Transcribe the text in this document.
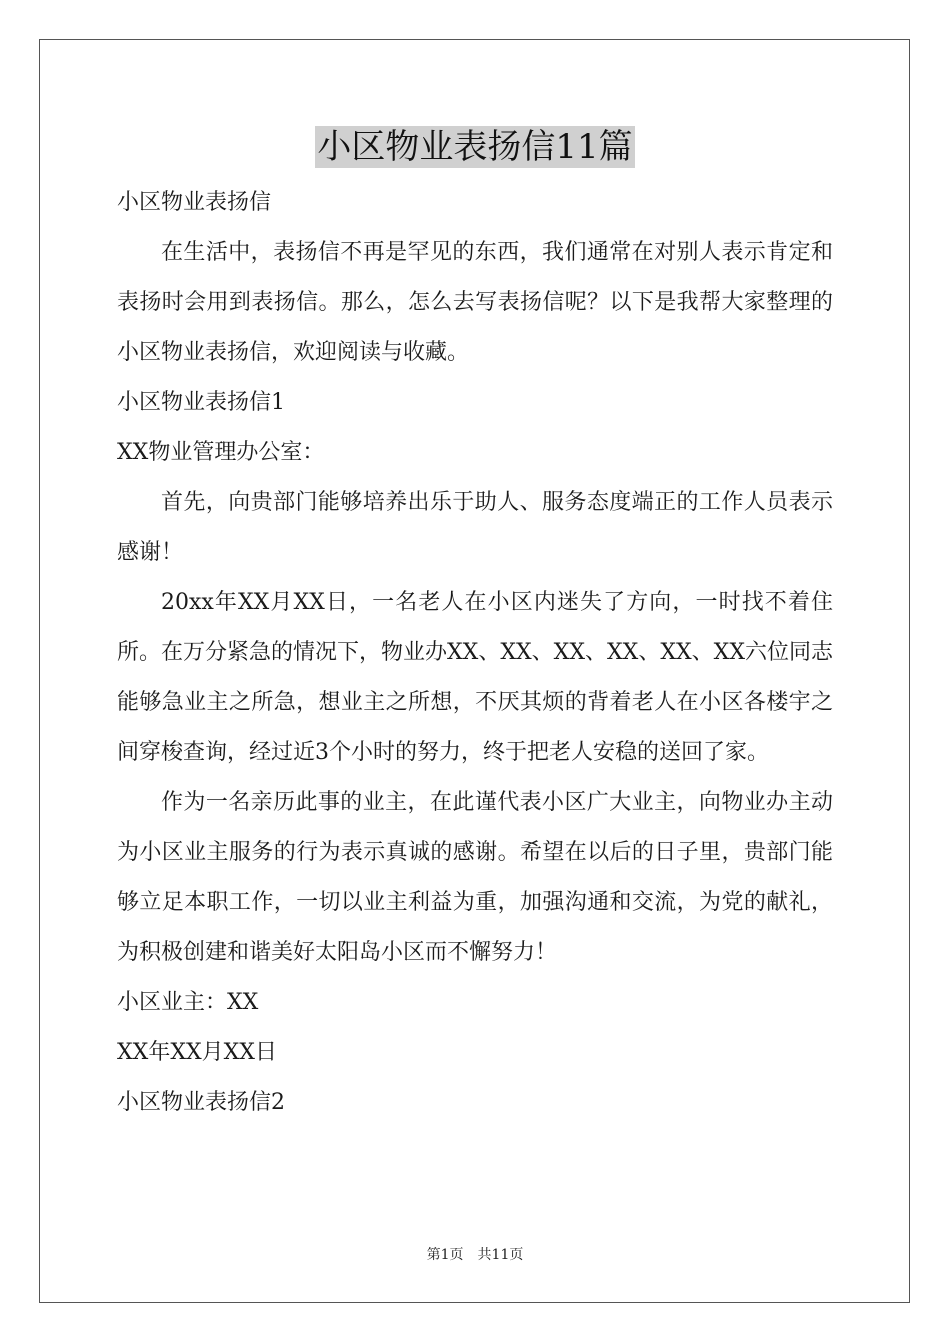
小区物业表扬信11篇

小区物业表扬信

在生活中，表扬信不再是罕见的东西，我们通常在对别人表示肯定和表扬时会用到表扬信。那么，怎么去写表扬信呢？以下是我帮大家整理的小区物业表扬信，欢迎阅读与收藏。

小区物业表扬信1

XX物业管理办公室：

首先，向贵部门能够培养出乐于助人、服务态度端正的工作人员表示感谢！

20xx年XX月XX日，一名老人在小区内迷失了方向，一时找不着住所。在万分紧急的情况下，物业办XX、XX、XX、XX、XX、XX六位同志能够急业主之所急，想业主之所想，不厌其烦的背着老人在小区各楼宇之间穿梭查询，经过近3个小时的努力，终于把老人安稳的送回了家。

作为一名亲历此事的业主，在此谨代表小区广大业主，向物业办主动为小区业主服务的行为表示真诚的感谢。希望在以后的日子里，贵部门能够立足本职工作，一切以业主利益为重，加强沟通和交流，为党的献礼，为积极创建和谐美好太阳岛小区而不懈努力！

小区业主：XX

XX年XX月XX日

小区物业表扬信2

第1页　共11页
